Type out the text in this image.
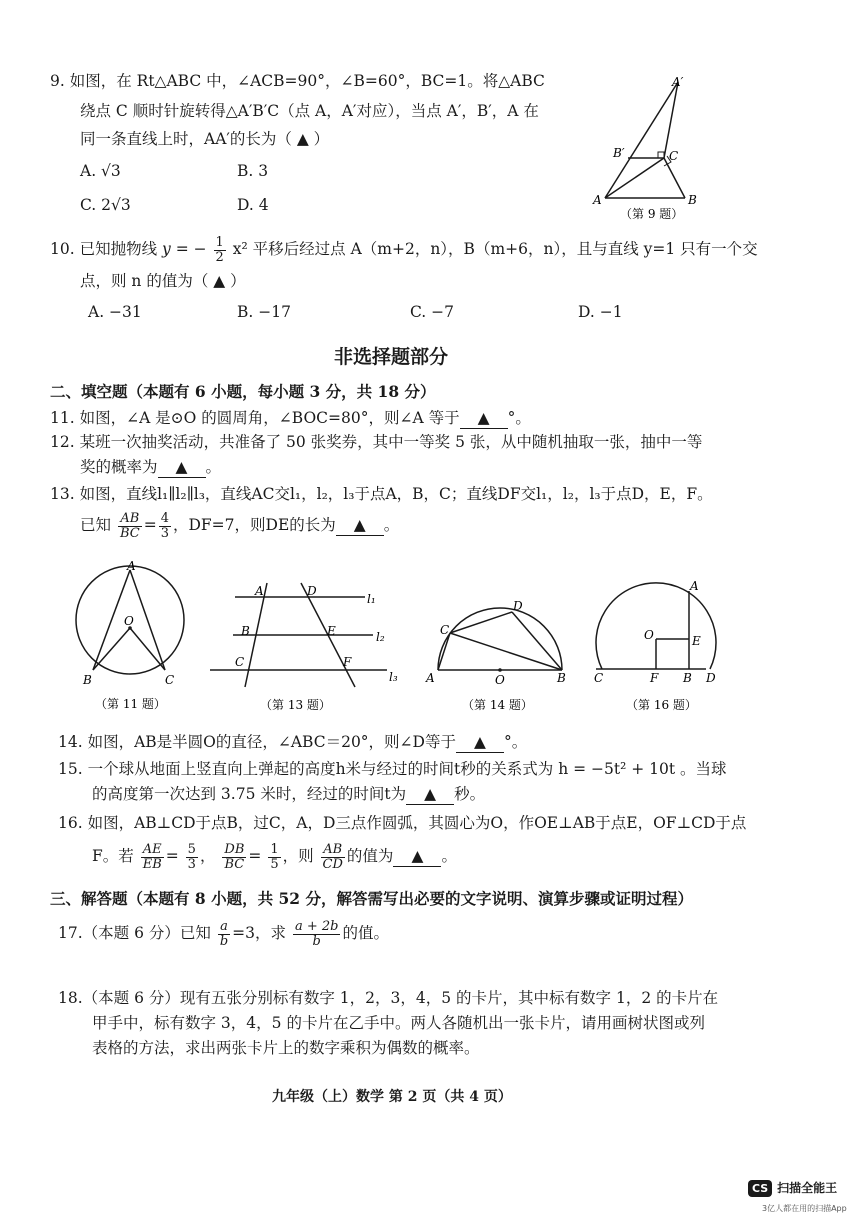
9. 如图，在 Rt△ABC 中，∠ACB=90°，∠B=60°，BC=1。将△ABC
绕点 C 顺时针旋转得△A′B′C（点 A，A′对应），当点 A′，B′，A 在
同一条直线上时，AA′的长为（ ▲ ）
A. √3	B. 3
C. 2√3	D. 4
A′
B′	C
A	B
（第 9 题）
10. 已知抛物线 y = − $\frac{1}{2} x^2$ 平移后经过点 A（m+2，n），B（m+6，n），且与直线 y=1 只有一个交
点，则 n 的值为（ ▲ ）
A. −31	B. −17	C. −7	D. −1
非选择题部分
二、填空题（本题有 6 小题，每小题 3 分，共 18 分）
11. 如图，∠A 是⊙O 的圆周角，∠BOC=80°，则∠A 等于 ▲ °。
12. 某班一次抽奖活动，共准备了 50 张奖券，其中一等奖 5 张，从中随机抽取一张，抽中一等
奖的概率为 ▲ 。
13. 如图，直线l₁∥l₂∥l₃，直线AC交l₁，l₂，l₃于点A，B，C；直线DF交l₁，l₂，l₃于点D，E，F。
已知 $\frac{AB}{BC} = \frac{4}{3}$ ，DF=7，则DE的长为 ▲ 。
A
O
B	C
（第 11 题）
A	D
l₁
B	E	l₂
C	F
l₃
（第 13 题）
C
D
A	O	B
（第 14 题）
A
O	E
C	F B D
（第 16 题）
14. 如图，AB是半圆O的直径，∠ABC＝20°，则∠D等于 ▲ °。
15. 一个球从地面上竖直向上弹起的高度h米与经过的时间t秒的关系式为 h = −5t² + 10t 。当球
的高度第一次达到 3.75 米时，经过的时间t为 ▲ 秒。
16. 如图，AB⊥CD于点B，过C，A，D三点作圆弧，其圆心为O，作OE⊥AB于点E，OF⊥CD于点
F。若 $\frac{AE}{EB} = \frac{5}{3}$ ， $\frac{DB}{BC} = \frac{1}{5}$ ，则 $\frac{AB}{CD}$ 的值为 ▲ 。
三、解答题（本题有 8 小题，共 52 分，解答需写出必要的文字说明、演算步骤或证明过程）
17.（本题 6 分）已知 $\frac{a}{b} =3$，求 $\frac{a + 2b}{b}$ 的值。
18.（本题 6 分）现有五张分别标有数字 1，2，3，4，5 的卡片，其中标有数字 1，2 的卡片在
甲手中，标有数字 3，4，5 的卡片在乙手中。两人各随机出一张卡片，请用画树状图或列
表格的方法，求出两张卡片上的数字乘积为偶数的概率。
九年级（上）数学 第 2 页（共 4 页）
CS 扫描全能王
3亿人都在用的扫描App
